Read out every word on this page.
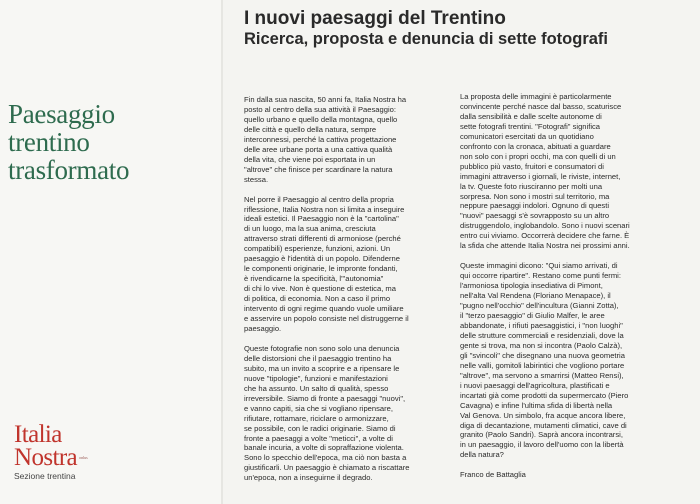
Paesaggio
trentino
trasformato
Italia
Nostra onlus
Sezione trentina
I nuovi paesaggi del Trentino
Ricerca, proposta e denuncia di sette fotografi

Fin dalla sua nascita, 50 anni fa, Italia Nostra ha
posto al centro della sua attività il Paesaggio:
quello urbano e quello della montagna, quello
delle città e quello della natura, sempre
interconnessi, perché la cattiva progettazione
delle aree urbane porta a una cattiva qualità
della vita, che viene poi esportata in un
"altrove" che finisce per scardinare la natura
stessa.

Nel porre il Paesaggio al centro della propria
riflessione, Italia Nostra non si limita a inseguire
ideali estetici. Il Paesaggio non è la "cartolina"
di un luogo, ma la sua anima, cresciuta
attraverso strati differenti di armoniose (perché
compatibili) esperienze, funzioni, azioni. Un
paesaggio è l'identità di un popolo. Difenderne
le componenti originarie, le impronte fondanti,
è rivendicarne la specificità, l'"autonomia"
di chi lo vive. Non è questione di estetica, ma
di politica, di economia. Non a caso il primo
intervento di ogni regime quando vuole umiliare
e asservire un popolo consiste nel distruggerne il
paesaggio.

Queste fotografie non sono solo una denuncia
delle distorsioni che il paesaggio trentino ha
subito, ma un invito a scoprire e a ripensare le
nuove "tipologie", funzioni e manifestazioni
che ha assunto. Un salto di qualità, spesso
irreversibile. Siamo di fronte a paesaggi "nuovi",
e vanno capiti, sia che si vogliano ripensare,
rifiutare, rottamare, riciclare o armonizzare,
se possibile, con le radici originarie. Siamo di
fronte a paesaggi a volte "meticci", a volte di
banale incuria, a volte di sopraffazione violenta.
Sono lo specchio dell'epoca, ma ciò non basta a
giustificarli. Un paesaggio è chiamato a riscattare
un'epoca, non a inseguirne il degrado.

La proposta delle immagini è particolarmente
convincente perché nasce dal basso, scaturisce
dalla sensibilità e dalle scelte autonome di
sette fotografi trentini. "Fotografi" significa
comunicatori esercitati da un quotidiano
confronto con la cronaca, abituati a guardare
non solo con i propri occhi, ma con quelli di un
pubblico più vasto, fruitori e consumatori di
immagini attraverso i giornali, le riviste, internet,
la tv. Queste foto riusciranno per molti una
sorpresa. Non sono i mostri sul territorio, ma
neppure paesaggi indolori. Ognuno di questi
"nuovi" paesaggi s'è sovrapposto su un altro
distruggendolo, inglobandolo. Sono i nuovi scenari
entro cui viviamo. Occorrerà decidere che farne. È
la sfida che attende Italia Nostra nei prossimi anni.

Queste immagini dicono: "Qui siamo arrivati, di
qui occorre ripartire". Restano come punti fermi:
l'armoniosa tipologia insediativa di Pimont,
nell'alta Val Rendena (Floriano Menapace), il
"pugno nell'occhio" dell'incultura (Gianni Zotta),
il "terzo paesaggio" di Giulio Malfer, le aree
abbandonate, i rifiuti paesaggistici, i "non luoghi"
delle strutture commerciali e residenziali, dove la
gente si trova, ma non si incontra (Paolo Calzà),
gli "svincoli" che disegnano una nuova geometria
nelle valli, gomitoli labirintici che vogliono portare
"altrove", ma servono a smarrirsi (Matteo Rensi),
i nuovi paesaggi dell'agricoltura, plastificati e
incartati già come prodotti da supermercato (Piero
Cavagna) e infine l'ultima sfida di libertà nella
Val Genova. Un simbolo, fra acque ancora libere,
diga di decantazione, mutamenti climatici, cave di
granito (Paolo Sandri). Saprà ancora incontrarsi,
in un paesaggio, il lavoro dell'uomo con la libertà
della natura?

Franco de Battaglia
